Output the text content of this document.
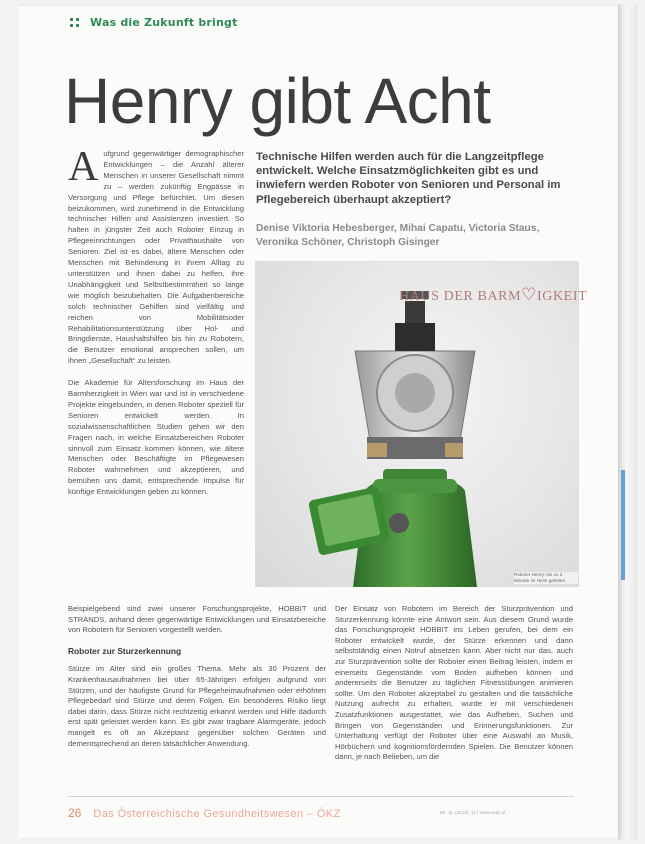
Was die Zukunft bringt
Henry gibt Acht

A ufgrund gegenwärtiger demographischer Entwicklungen – die Anzahl älterer Menschen in unserer Gesellschaft nimmt zu – werden zukünftig Engpässe in Versorgung und Pflege befürchtet. Um diesen beizukommen, wird zunehmend in die Entwicklung technischer Hilfen und Assistenzen investiert. So halten in jüngster Zeit auch Roboter Einzug in Pflegeeinrichtungen oder Privathaushalte von Senioren. Ziel ist es dabei, ältere Menschen oder Menschen mit Behinderung in ihrem Alltag zu unterstützen und ihnen dabei zu helfen, ihre Unabhängigkeit und Selbstbestimmtheit so lange wie möglich beizubehalten. Die Aufgabenbereiche solch technischer Gehilfen sind vielfältig und reichen von Mobilitätsoder Rehabilitationsunterstützung über Hol- und Bringdienste, Haushaltshilfen bis hin zu Robotern, die Benutzer emotional ansprechen sollen, um ihnen „Gesellschaft“ zu leisten.

Die Akademie für Altersforschung im Haus der Barmherzigkeit in Wien war und ist in verschiedene Projekte eingebunden, in denen Roboter speziell für Senioren entwickelt werden. In sozialwissenschaftlichen Studien gehen wir den Fragen nach, in welche Einsatzbereichen Roboter sinnvoll zum Einsatz kommen können, wie ältere Menschen oder Beschäftigte im Pflegewesen Roboter wahrnehmen und akzeptieren, und bemühen uns damit, entsprechende Impulse für künftige Entwicklungen geben zu können.

Technische Hilfen werden auch für die Langzeitpflege entwickelt. Welche Einsatzmöglichkeiten gibt es und inwiefern werden Roboter von Senioren und Personal im Pflegebereich überhaupt akzeptiert?
Denise Viktoria Hebesberger, Mihai Capatu, Victoria Staus, Veronika Schöner, Christoph Gisinger
HAUS DER BARM♡IGKEIT
Roboter Henry: bis zu 3 Monate im Heim getestet
Beispielgebend sind zwei unserer Forschungsprojekte, HOBBIT und STRANDS, anhand derer gegenwärtige Entwicklungen und Einsatzbereiche von Robotern für Senioren vorgestellt werden.
Roboter zur Sturzerkennung
Stürze im Alter sind ein großes Thema. Mehr als 30 Prozent der Krankenhausaufnahmen bei über 65-Jährigen erfolgen aufgrund von Stürzen, und der häufigste Grund für Pflegeheimaufnahmen oder erhöhten Pflegebedarf sind Stürze und deren Folgen. Ein besonderes Risiko liegt dabei darin, dass Stürze nicht rechtzeitig erkannt werden und Hilfe dadurch erst spät geleistet werden kann. Es gibt zwar tragbare Alarmgeräte, jedoch mangelt es oft an Akzeptanz gegenüber solchen Geräten und dementsprechend an deren tatsächlicher Anwendung.
Der Einsatz von Robotern im Bereich der Sturzprävention und Sturzerkennung könnte eine Antwort sein. Aus diesem Grund wurde das Forschungsprojekt HOBBIT ins Leben gerufen, bei dem ein Roboter entwickelt wurde, der Stürze erkennen und dann selbstständig einen Notruf absetzen kann. Aber nicht nur das, auch zur Sturzprävention sollte der Roboter einen Beitrag leisten, indem er einerseits Gegenstände vom Boden aufheben können und andererseits die Benutzer zu täglichen Fitnessübungen animieren sollte. Um den Roboter akzeptabel zu gestalten und die tatsächliche Nutzung aufrecht zu erhalten, wurde er mit verschiedenen Zusatzfunktionen ausgestattet, wie das Aufheben, Suchen und Bringen von Gegenständen und Erinnerungsfunktionen. Zur Unterhaltung verfügt der Roboter über eine Auswahl an Musik, Hörbüchern und kognitionsfördernden Spielen. Die Benutzer können dann, je nach Belieben, um die
26 Das Österreichische Gesundheitswesen – ÖKZ	59. Jg. (2018), 12 | www.oekz.at
